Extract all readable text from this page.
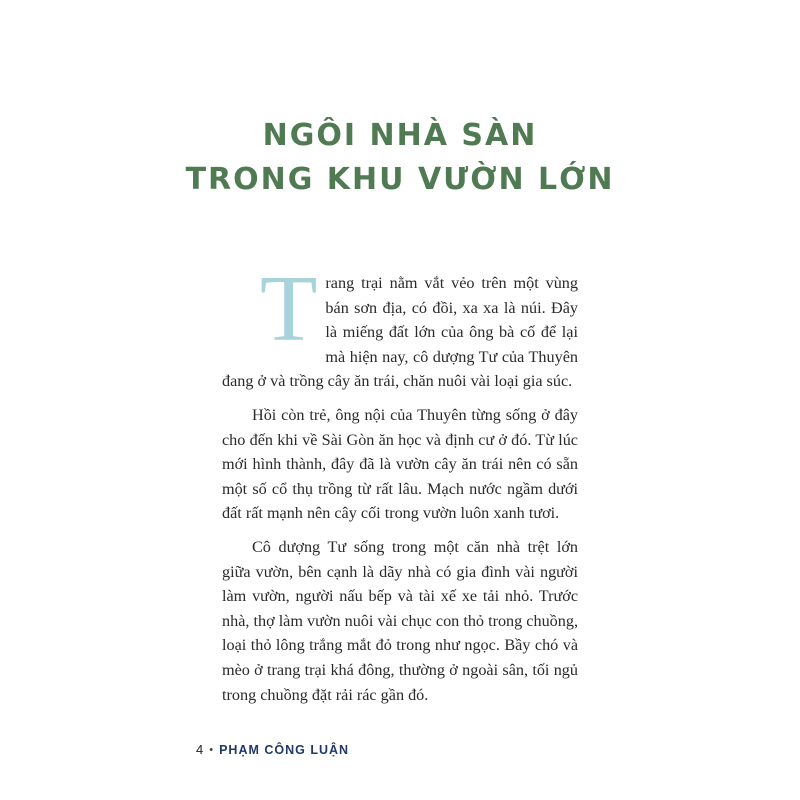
NGÔI NHÀ SÀN
TRONG KHU VƯỜN LỚN

Trang trại nằm vắt vẻo trên một vùng bán sơn địa, có đồi, xa xa là núi. Đây là miếng đất lớn của ông bà cố để lại mà hiện nay, cô dượng Tư của Thuyên đang ở và trồng cây ăn trái, chăn nuôi vài loại gia súc.

Hồi còn trẻ, ông nội của Thuyên từng sống ở đây cho đến khi về Sài Gòn ăn học và định cư ở đó. Từ lúc mới hình thành, đây đã là vườn cây ăn trái nên có sẵn một số cổ thụ trồng từ rất lâu. Mạch nước ngầm dưới đất rất mạnh nên cây cối trong vườn luôn xanh tươi.

Cô dượng Tư sống trong một căn nhà trệt lớn giữa vườn, bên cạnh là dãy nhà có gia đình vài người làm vườn, người nấu bếp và tài xế xe tải nhỏ. Trước nhà, thợ làm vườn nuôi vài chục con thỏ trong chuồng, loại thỏ lông trắng mắt đỏ trong như ngọc. Bầy chó và mèo ở trang trại khá đông, thường ở ngoài sân, tối ngủ trong chuồng đặt rải rác gần đó.

4 • PHẠM CÔNG LUẬN
